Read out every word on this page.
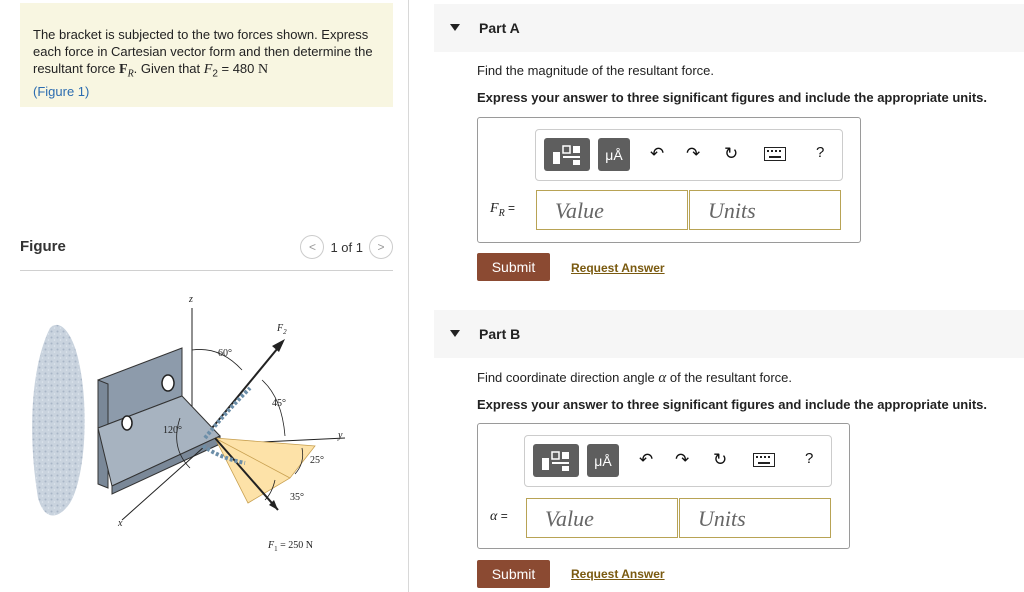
The bracket is subjected to the two forces shown. Express each force in Cartesian vector form and then determine the resultant force $F_R$. Given that $F_2 = 480$ N
(Figure 1)

Figure	<	1 of 1	>
z
y
x
$F_2$
60°
45°
120°
25°
35°
$F_1 = 250$ N
Part A
Find the magnitude of the resultant force.
Express your answer to three significant figures and include the appropriate units.
μÅ	↶ ↷ ↻	?
$F_R$ = Value	Units
Submit	Request Answer
Part B
Find coordinate direction angle α of the resultant force.
Express your answer to three significant figures and include the appropriate units.
μÅ	↶ ↷ ↻	?
α = Value	Units
Submit	Request Answer
